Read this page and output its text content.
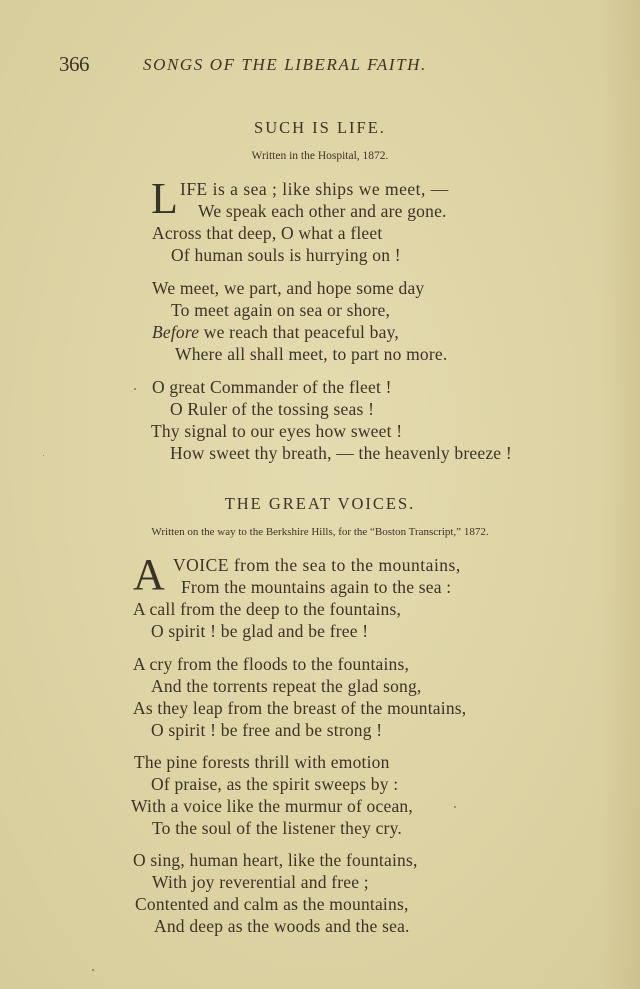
366	SONGS OF THE LIBERAL FAITH.
SUCH IS LIFE.
Written in the Hospital, 1872.
L IFE is a sea ; like ships we meet, —
We speak each other and are gone.
Across that deep, O what a fleet
Of human souls is hurrying on !
We meet, we part, and hope some day
To meet again on sea or shore,
Before we reach that peaceful bay,
Where all shall meet, to part no more.
O great Commander of the fleet !
O Ruler of the tossing seas !
Thy signal to our eyes how sweet !
How sweet thy breath, — the heavenly breeze !
THE GREAT VOICES.
Written on the way to the Berkshire Hills, for the “Boston Transcript,” 1872.
A VOICE from the sea to the mountains,
From the mountains again to the sea :
A call from the deep to the fountains,
O spirit ! be glad and be free !
A cry from the floods to the fountains,
And the torrents repeat the glad song,
As they leap from the breast of the mountains,
O spirit ! be free and be strong !
The pine forests thrill with emotion
Of praise, as the spirit sweeps by :
With a voice like the murmur of ocean,
To the soul of the listener they cry.
O sing, human heart, like the fountains,
With joy reverential and free ;
Contented and calm as the mountains,
And deep as the woods and the sea.
